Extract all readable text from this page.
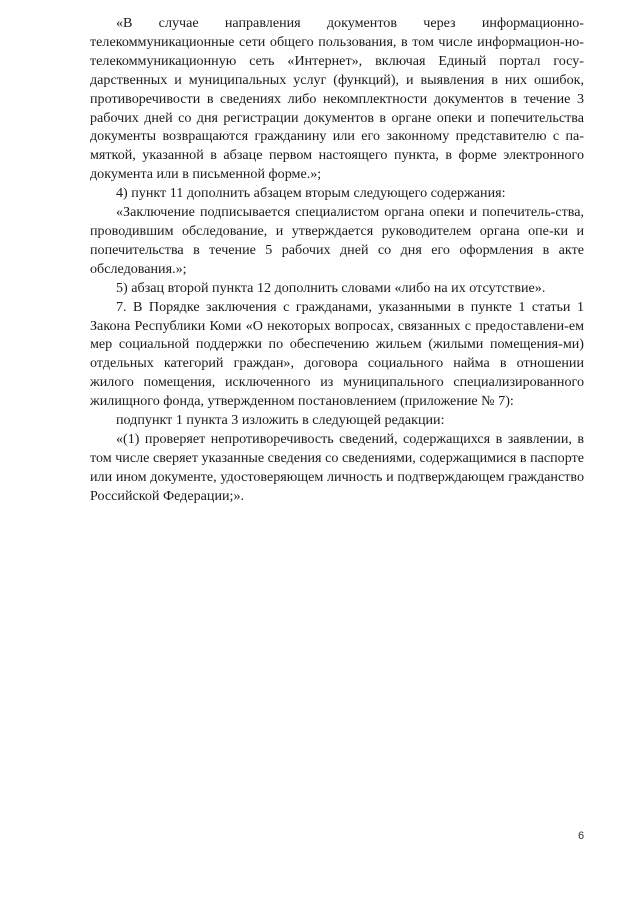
«В случае направления документов через информационно-телекоммуникационные сети общего пользования, в том числе информацион-но-телекоммуникационную сеть «Интернет», включая Единый портал госу-дарственных и муниципальных услуг (функций), и выявления в них ошибок, противоречивости в сведениях либо некомплектности документов в течение 3 рабочих дней со дня регистрации документов в органе опеки и попечительства документы возвращаются гражданину или его законному представителю с па-мяткой, указанной в абзаце первом настоящего пункта, в форме электронного документа или в письменной форме.»;

4) пункт 11 дополнить абзацем вторым следующего содержания:

«Заключение подписывается специалистом органа опеки и попечитель-ства, проводившим обследование, и утверждается руководителем органа опе-ки и попечительства в течение 5 рабочих дней со дня его оформления в акте обследования.»;

5) абзац второй пункта 12 дополнить словами «либо на их отсутствие».

7. В Порядке заключения с гражданами, указанными в пункте 1 статьи 1 Закона Республики Коми «О некоторых вопросах, связанных с предоставлени-ем мер социальной поддержки по обеспечению жильем (жилыми помещения-ми) отдельных категорий граждан», договора социального найма в отношении жилого помещения, исключенного из муниципального специализированного жилищного фонда, утвержденном постановлением (приложение № 7):

подпункт 1 пункта 3 изложить в следующей редакции:

«(1) проверяет непротиворечивость сведений, содержащихся в заявлении, в том числе сверяет указанные сведения со сведениями, содержащимися в паспорте или ином документе, удостоверяющем личность и подтверждающем гражданство Российской Федерации;».

6
